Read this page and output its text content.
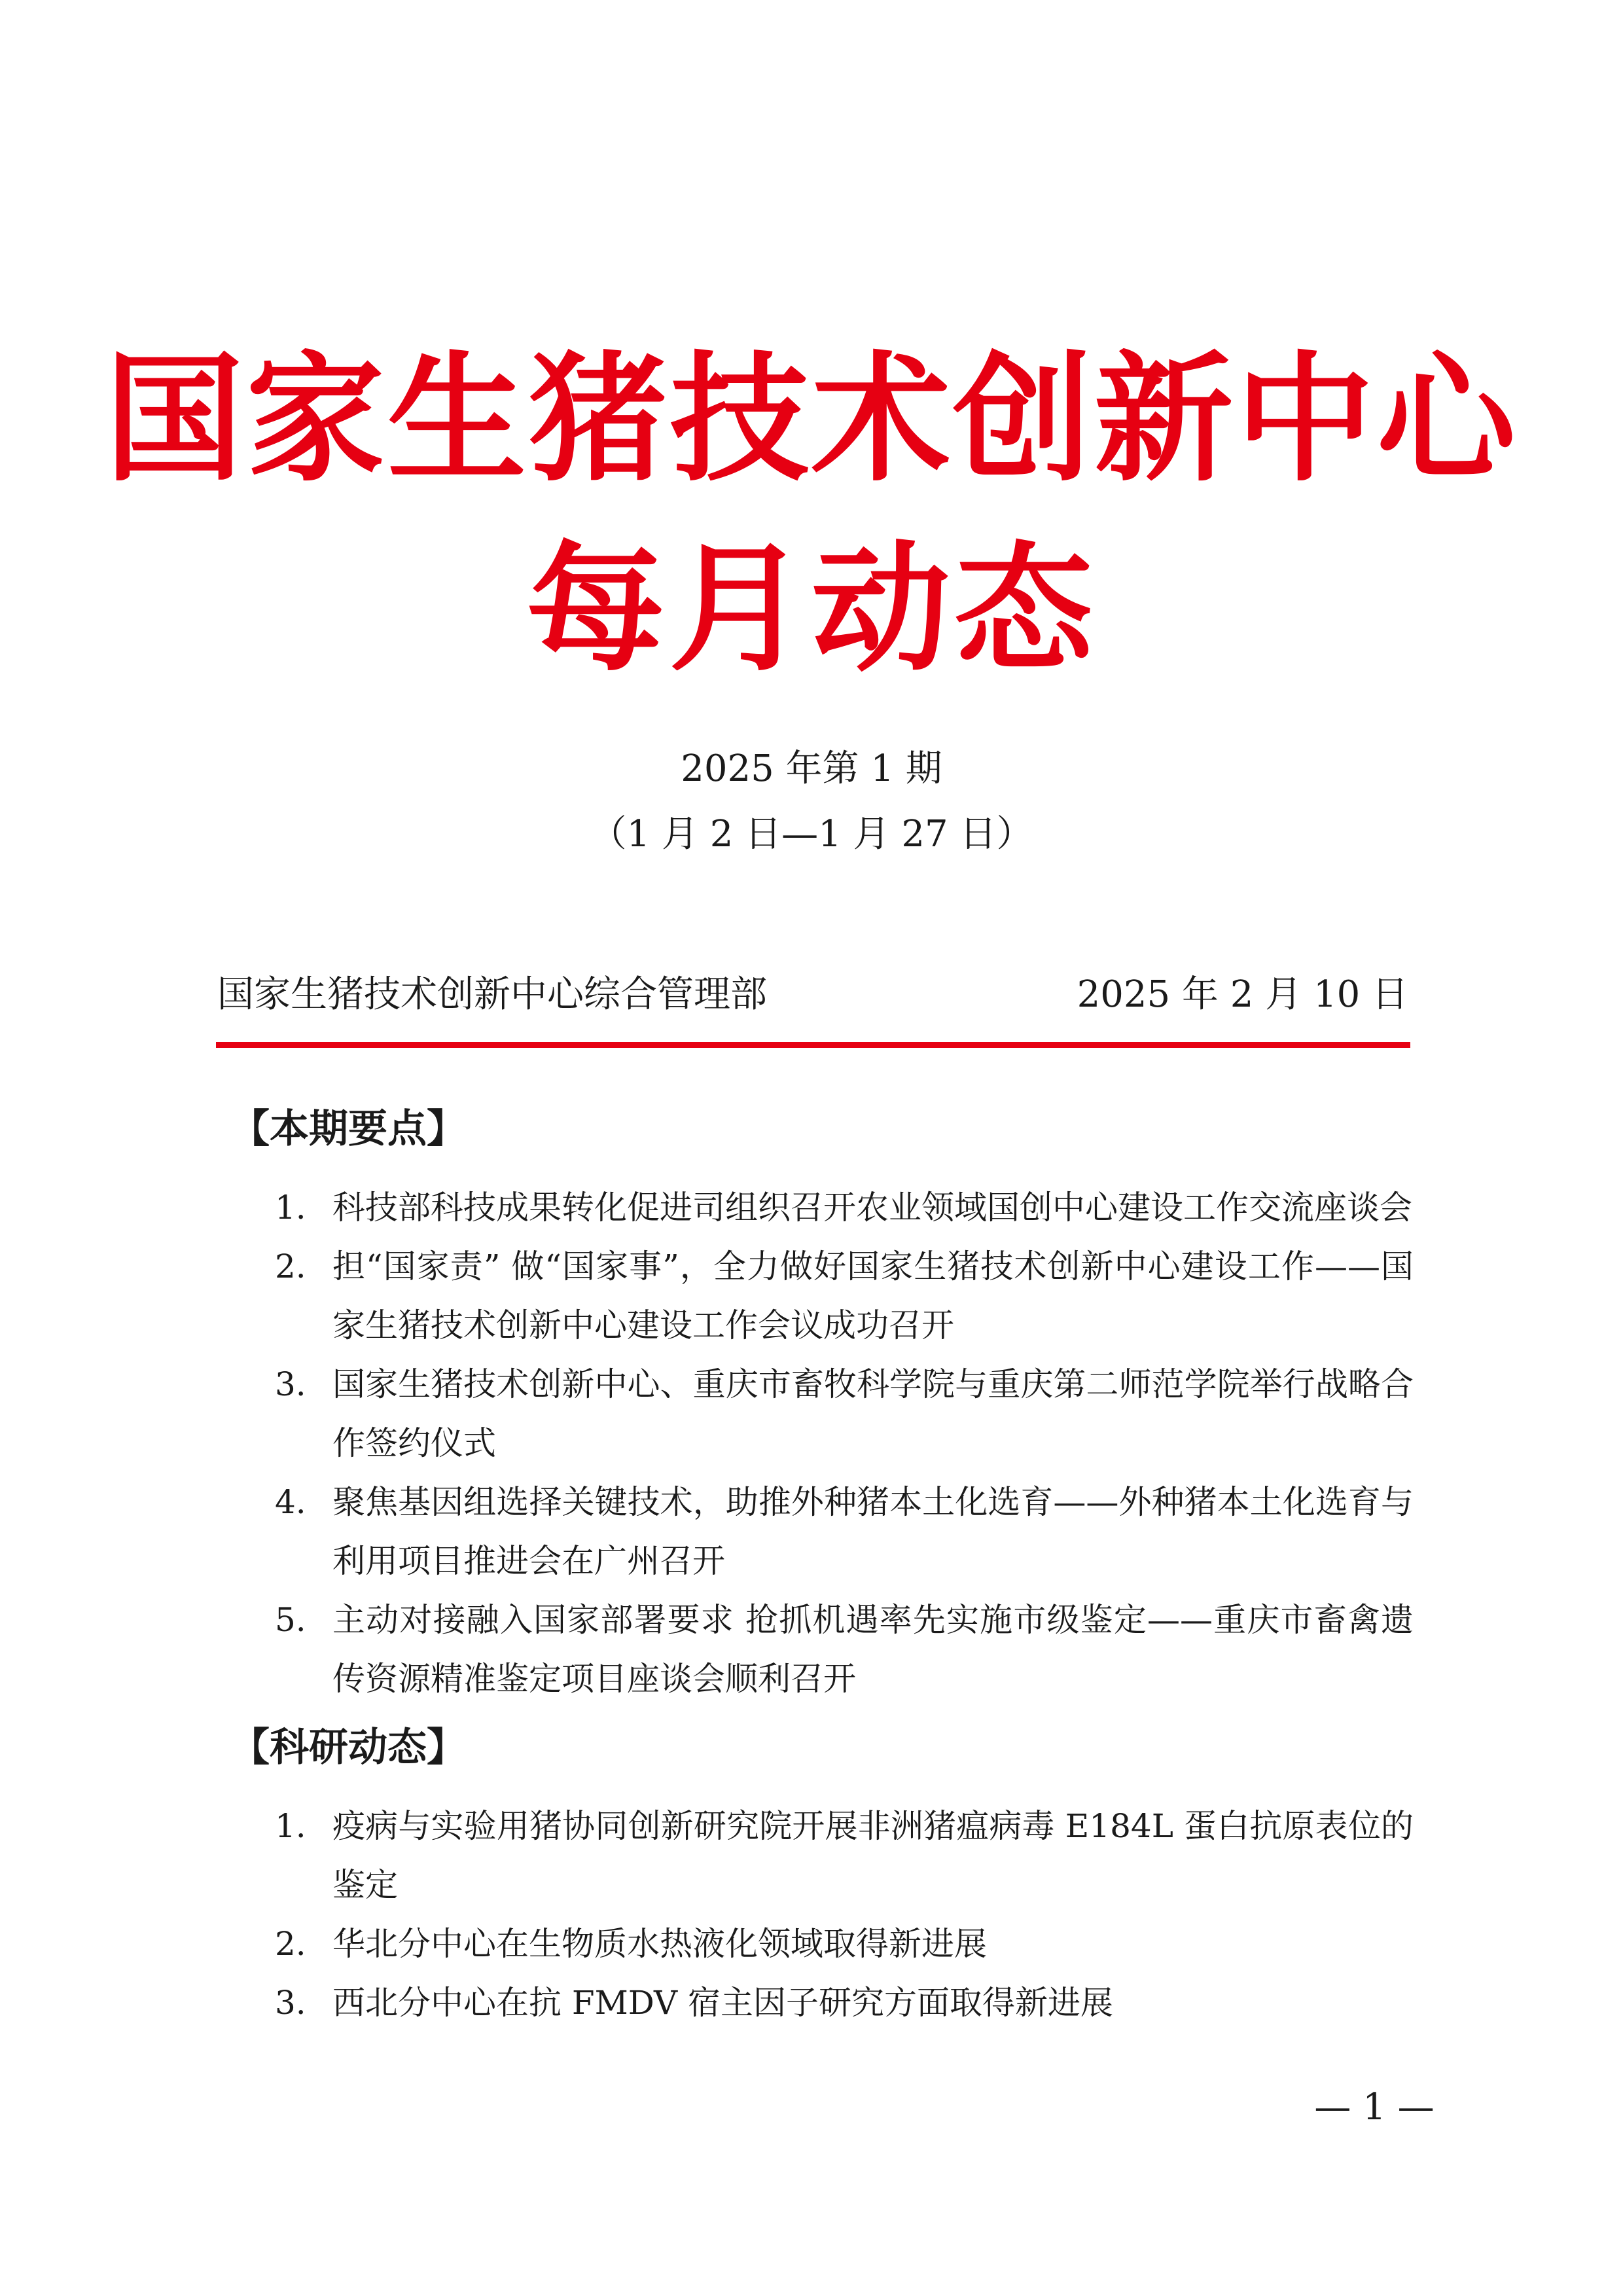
国家生猪技术创新中心
每月动态
2025 年第 1 期
（1 月 2 日—1 月 27 日）
国家生猪技术创新中心综合管理部	2025 年 2 月 10 日
【本期要点】
1. 科技部科技成果转化促进司组织召开农业领域国创中心建设工作交流座谈会
2. 担“国家责” 做“国家事”，全力做好国家生猪技术创新中心建设工作——国家生猪技术创新中心建设工作会议成功召开
3. 国家生猪技术创新中心、重庆市畜牧科学院与重庆第二师范学院举行战略合作签约仪式
4. 聚焦基因组选择关键技术，助推外种猪本土化选育——外种猪本土化选育与利用项目推进会在广州召开
5. 主动对接融入国家部署要求 抢抓机遇率先实施市级鉴定——重庆市畜禽遗传资源精准鉴定项目座谈会顺利召开
【科研动态】
1. 疫病与实验用猪协同创新研究院开展非洲猪瘟病毒 E184L 蛋白抗原表位的鉴定
2. 华北分中心在生物质水热液化领域取得新进展
3. 西北分中心在抗 FMDV 宿主因子研究方面取得新进展
— 1 —
